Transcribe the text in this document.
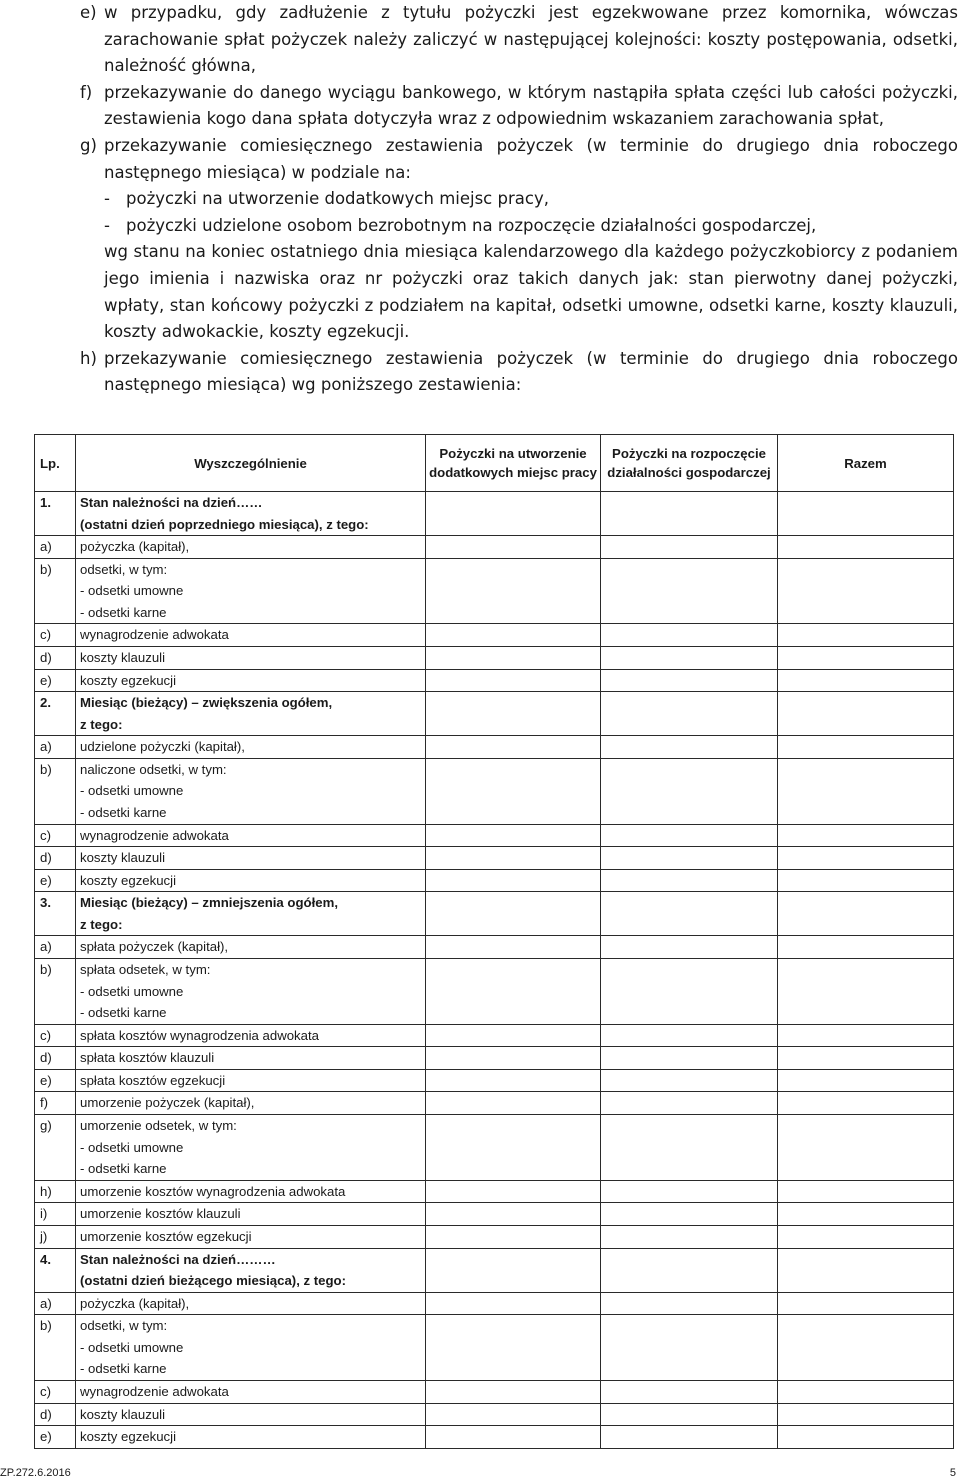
e) w przypadku, gdy zadłużenie z tytułu pożyczki jest egzekwowane przez komornika, wówczas zarachowanie spłat pożyczek należy zaliczyć w następującej kolejności: koszty postępowania, odsetki, należność główna,
f) przekazywanie do danego wyciągu bankowego, w którym nastąpiła spłata części lub całości pożyczki, zestawienia kogo dana spłata dotyczyła wraz z odpowiednim wskazaniem zarachowania spłat,
g) przekazywanie comiesięcznego zestawienia pożyczek (w terminie do drugiego dnia roboczego następnego miesiąca) w podziale na:
- pożyczki na utworzenie dodatkowych miejsc pracy,
- pożyczki udzielone osobom bezrobotnym na rozpoczęcie działalności gospodarczej,
wg stanu na koniec ostatniego dnia miesiąca kalendarzowego dla każdego pożyczkobiorcy z podaniem jego imienia i nazwiska oraz nr pożyczki oraz takich danych jak: stan pierwotny danej pożyczki, wpłaty, stan końcowy pożyczki z podziałem na kapitał, odsetki umowne, odsetki karne, koszty klauzuli, koszty adwokackie, koszty egzekucji.
h) przekazywanie comiesięcznego zestawienia pożyczek (w terminie do drugiego dnia roboczego następnego miesiąca) wg poniższego zestawienia:
Lp.	Wyszczególnienie	Pożyczki na utworzenie dodatkowych miejsc pracy	Pożyczki na rozpoczęcie działalności gospodarczej	Razem
1.	Stan należności na dzień……
(ostatni dzień poprzedniego miesiąca), z tego:			

a)	pożyczka (kapitał),			

b)	odsetki, w tym:			

	- odsetki umowne			

	- odsetki karne			

c)	wynagrodzenie adwokata			

d)	koszty klauzuli			

e)	koszty egzekucji			

2.	Miesiąc (bieżący) – zwiększenia ogółem,
z tego:			

a)	udzielone pożyczki (kapitał),			

b)	naliczone odsetki, w tym:			

	- odsetki umowne			

	- odsetki karne			

c)	wynagrodzenie adwokata			

d)	koszty klauzuli			

e)	koszty egzekucji			

3.	Miesiąc (bieżący) – zmniejszenia ogółem,
z tego:			

a)	spłata pożyczek (kapitał),			

b)	spłata odsetek, w tym:			

	- odsetki umowne			

	- odsetki karne			

c)	spłata kosztów wynagrodzenia adwokata			

d)	spłata kosztów klauzuli			

e)	spłata kosztów egzekucji			

f)	umorzenie pożyczek (kapitał),			

g)	umorzenie odsetek, w tym:			

	- odsetki umowne			

	- odsetki karne			

h)	umorzenie kosztów wynagrodzenia adwokata			

i)	umorzenie kosztów klauzuli			

j)	umorzenie kosztów egzekucji			

4.	Stan należności na dzień………
(ostatni dzień bieżącego miesiąca), z tego:			

a)	pożyczka (kapitał),			

b)	odsetki, w tym:			

	- odsetki umowne			

	- odsetki karne			

c)	wynagrodzenie adwokata			

d)	koszty klauzuli			

e)	koszty egzekucji			

ZP.272.6.2016	5
